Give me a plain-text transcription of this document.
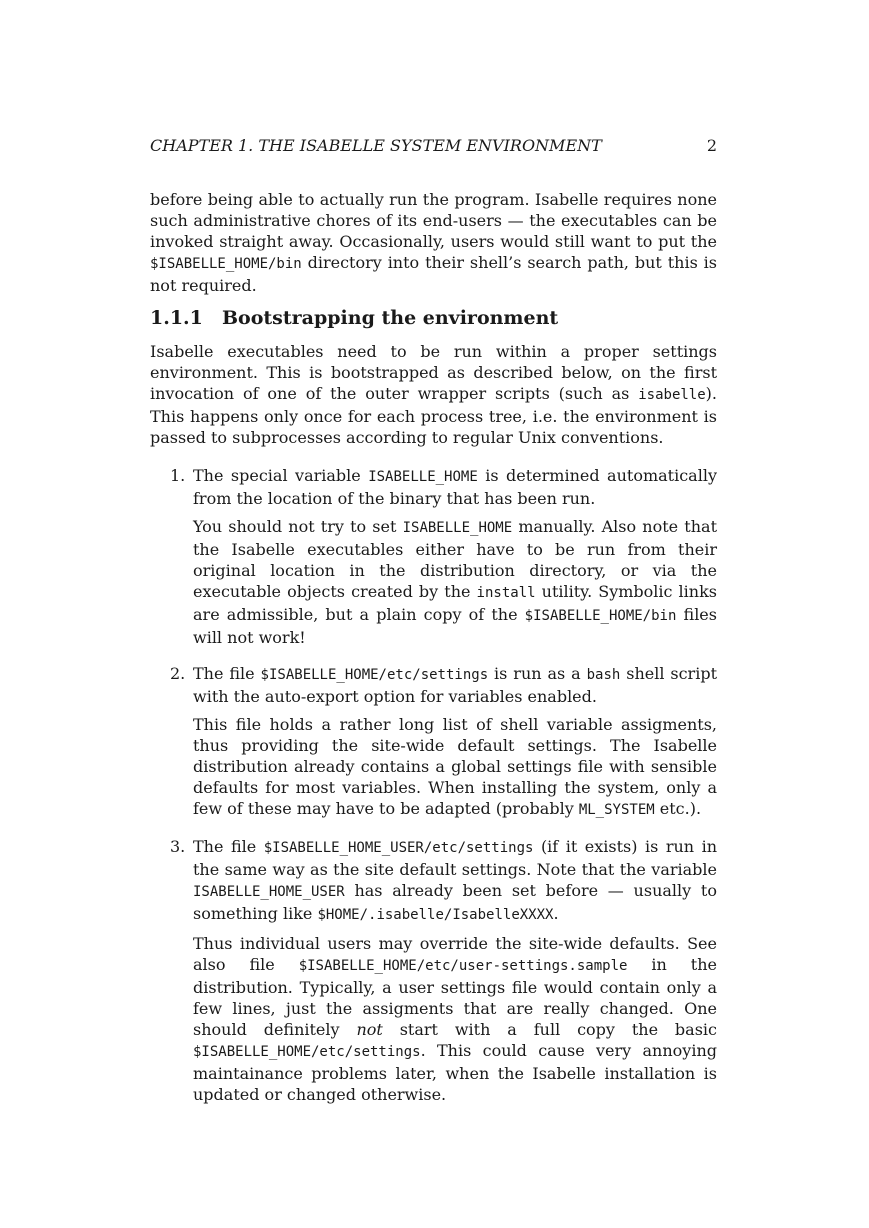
CHAPTER 1. THE ISABELLE SYSTEM ENVIRONMENT	2

before being able to actually run the program. Isabelle requires none such administrative chores of its end-users — the executables can be invoked straight away. Occasionally, users would still want to put the $ISABELLE_HOME/bin directory into their shell’s search path, but this is not required.

1.1.1 Bootstrapping the environment

Isabelle executables need to be run within a proper settings environment. This is bootstrapped as described below, on the first invocation of one of the outer wrapper scripts (such as isabelle). This happens only once for each process tree, i.e. the environment is passed to subprocesses according to regular Unix conventions.

1. The special variable ISABELLE_HOME is determined automatically from the location of the binary that has been run.

You should not try to set ISABELLE_HOME manually. Also note that the Isabelle executables either have to be run from their original location in the distribution directory, or via the executable objects created by the install utility. Symbolic links are admissible, but a plain copy of the $ISABELLE_HOME/bin files will not work!

2. The file $ISABELLE_HOME/etc/settings is run as a bash shell script with the auto-export option for variables enabled.

This file holds a rather long list of shell variable assigments, thus providing the site-wide default settings. The Isabelle distribution already contains a global settings file with sensible defaults for most variables. When installing the system, only a few of these may have to be adapted (probably ML_SYSTEM etc.).

3. The file $ISABELLE_HOME_USER/etc/settings (if it exists) is run in the same way as the site default settings. Note that the variable ISABELLE_HOME_USER has already been set before — usually to something like $HOME/.isabelle/IsabelleXXXX.

Thus individual users may override the site-wide defaults. See also file $ISABELLE_HOME/etc/user-settings.sample in the distribution. Typically, a user settings file would contain only a few lines, just the assigments that are really changed. One should definitely not start with a full copy the basic $ISABELLE_HOME/etc/settings. This could cause very annoying maintainance problems later, when the Isabelle installation is updated or changed otherwise.
